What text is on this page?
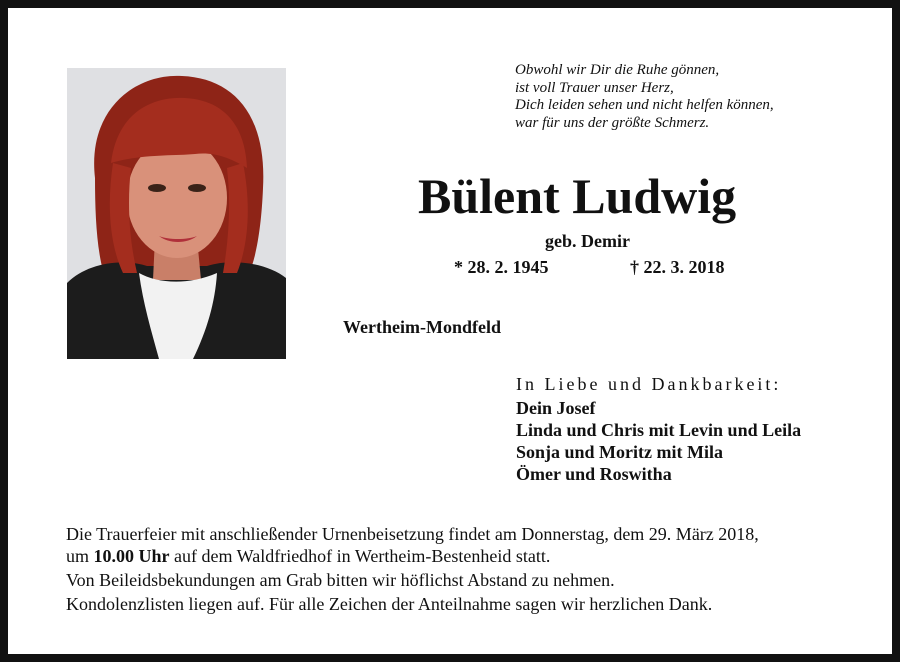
Obwohl wir Dir die Ruhe gönnen,
ist voll Trauer unser Herz,
Dich leiden sehen und nicht helfen können,
war für uns der größte Schmerz.
Bülent Ludwig
geb. Demir
* 28. 2. 1945	† 22. 3. 2018
Wertheim-Mondfeld
In Liebe und Dankbarkeit:
Dein Josef
Linda und Chris mit Levin und Leila
Sonja und Moritz mit Mila
Ömer und Roswitha
Die Trauerfeier mit anschließender Urnenbeisetzung findet am Donnerstag, dem 29. März 2018,
um 10.00 Uhr auf dem Waldfriedhof in Wertheim-Bestenheid statt.
Von Beileidsbekundungen am Grab bitten wir höflichst Abstand zu nehmen.
Kondolenzlisten liegen auf. Für alle Zeichen der Anteilnahme sagen wir herzlichen Dank.
